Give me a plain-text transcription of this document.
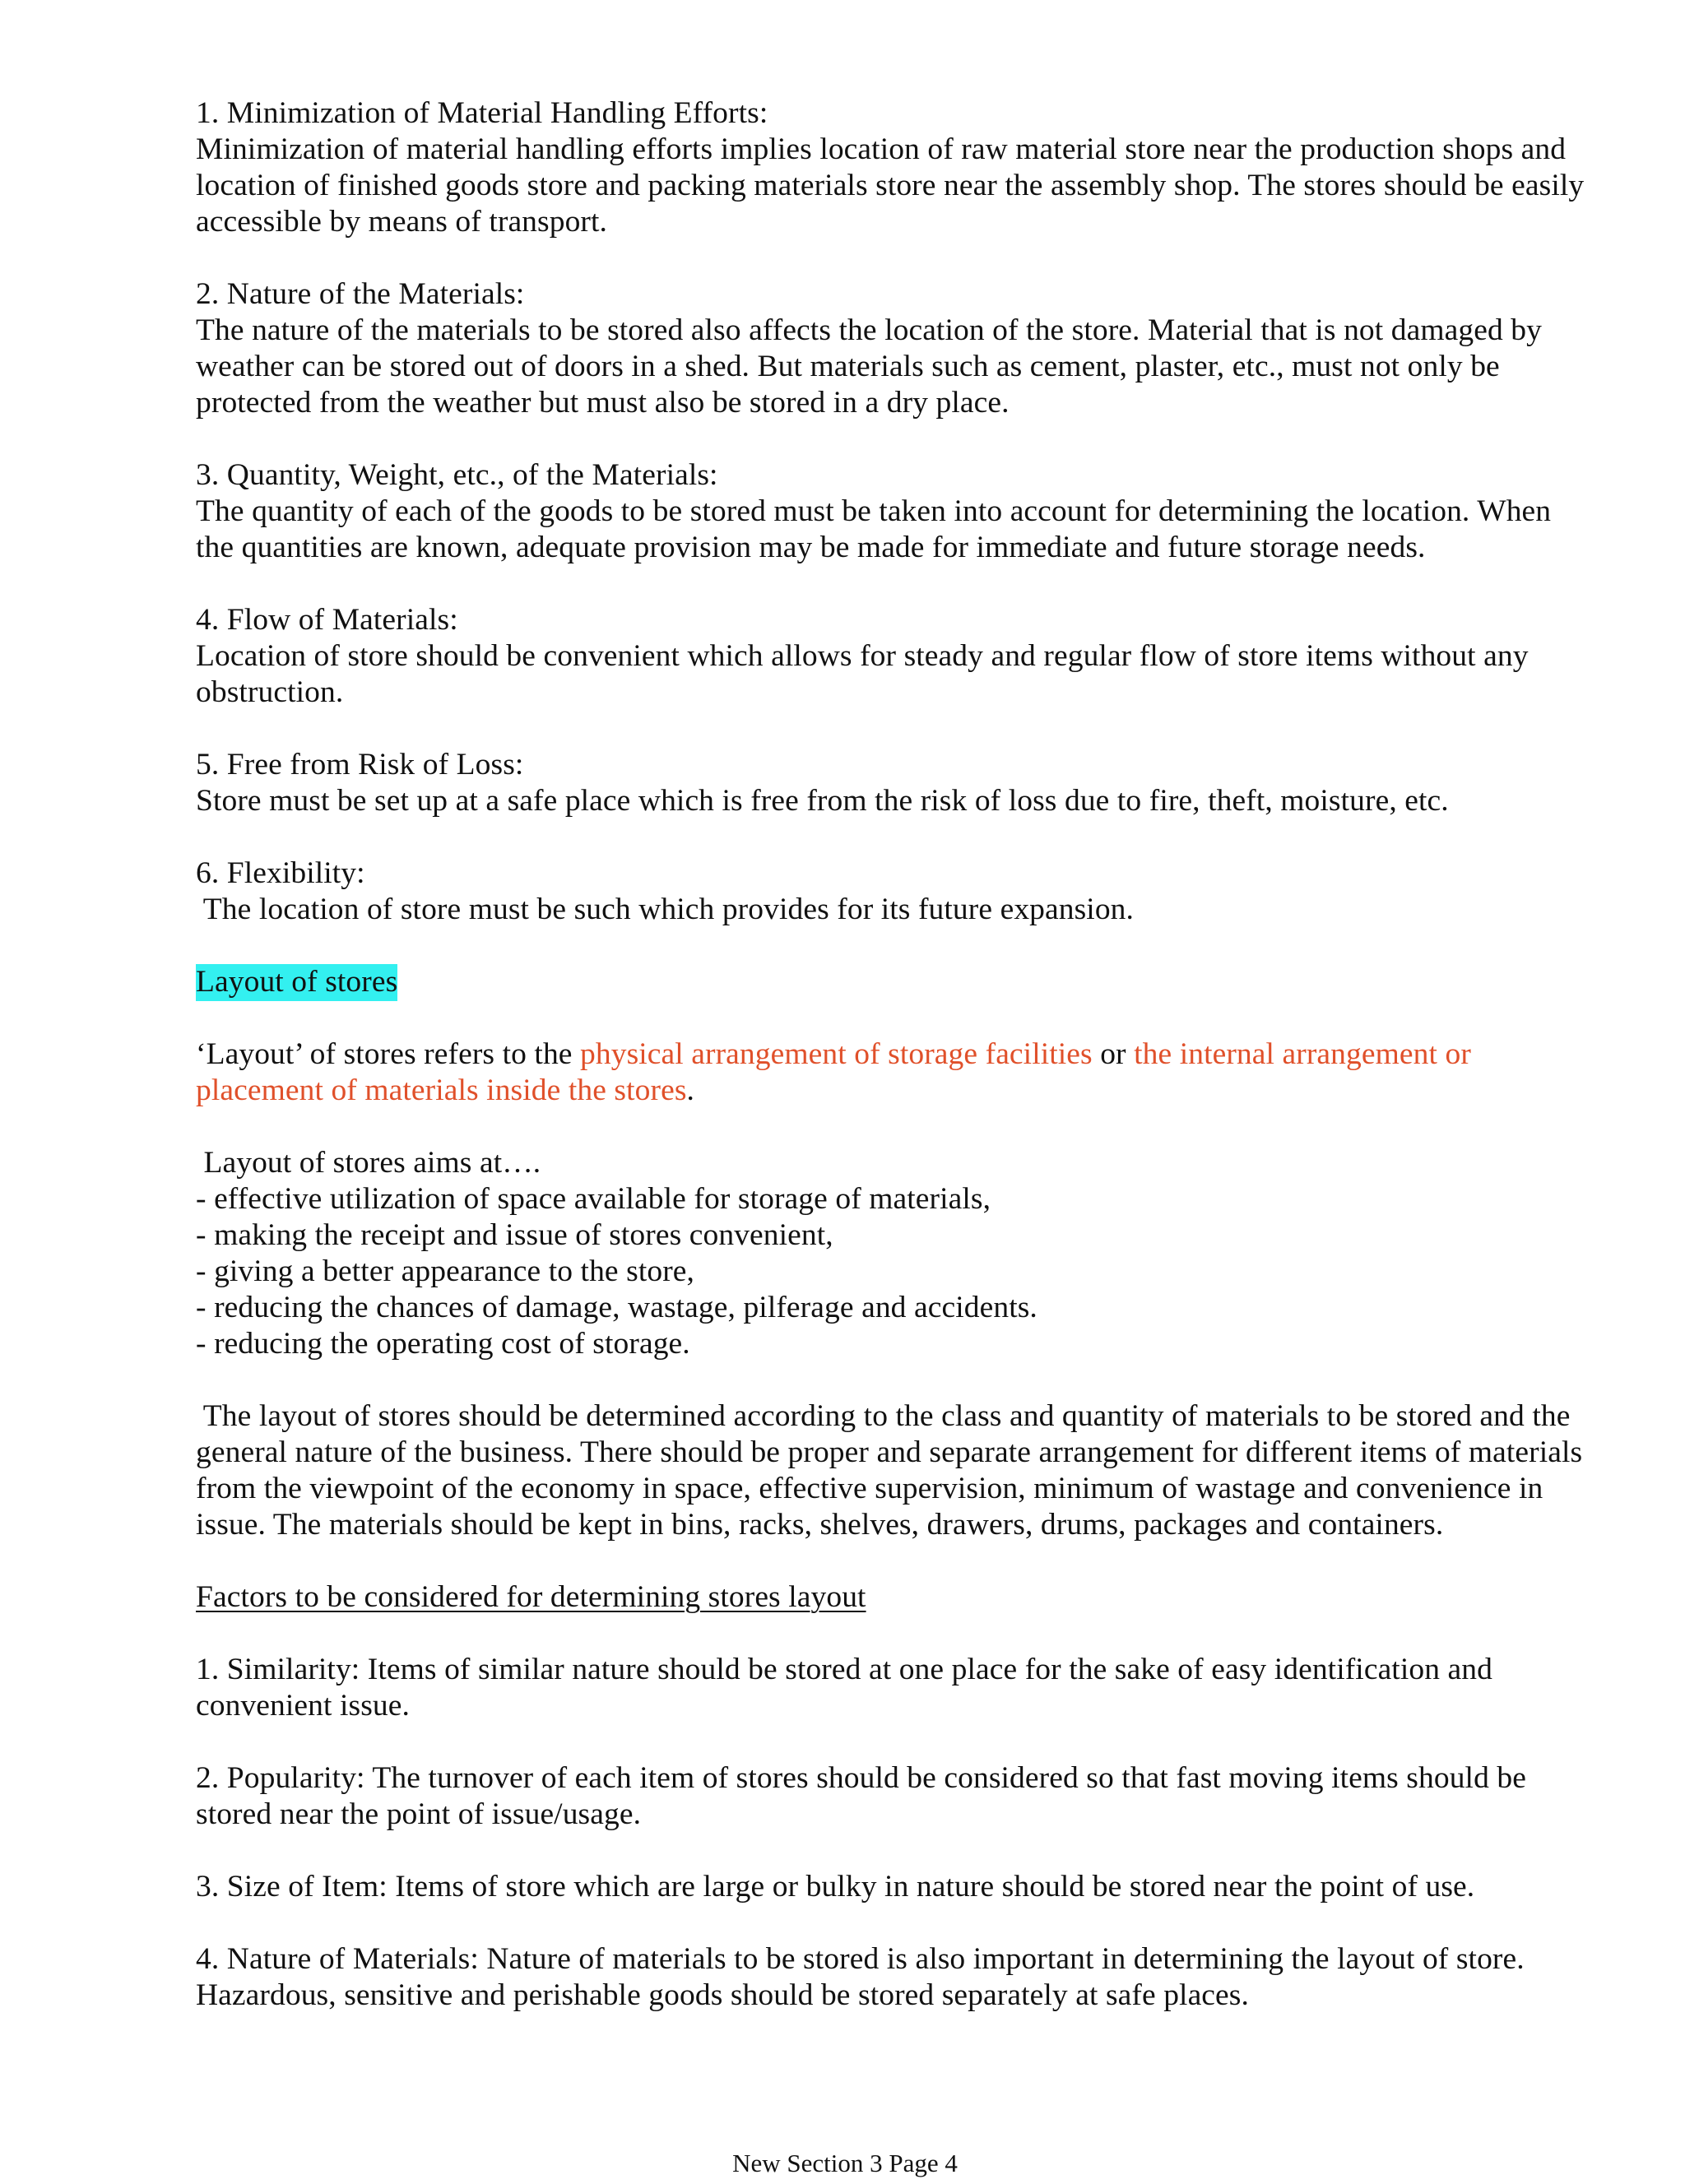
1. Minimization of Material Handling Efforts:
Minimization of material handling efforts implies location of raw material store near the production shops and
location of finished goods store and packing materials store near the assembly shop. The stores should be easily
accessible by means of transport.
2. Nature of the Materials:
The nature of the materials to be stored also affects the location of the store. Material that is not damaged by
weather can be stored out of doors in a shed. But materials such as cement, plaster, etc., must not only be
protected from the weather but must also be stored in a dry place.
3. Quantity, Weight, etc., of the Materials:
The quantity of each of the goods to be stored must be taken into account for determining the location. When
the quantities are known, adequate provision may be made for immediate and future storage needs.
4. Flow of Materials:
Location of store should be convenient which allows for steady and regular flow of store items without any
obstruction.
5. Free from Risk of Loss:
Store must be set up at a safe place which is free from the risk of loss due to fire, theft, moisture, etc.
6. Flexibility:
The location of store must be such which provides for its future expansion.
Layout of stores
‘Layout’ of stores refers to the physical arrangement of storage facilities or the internal arrangement or
placement of materials inside the stores.
Layout of stores aims at….
- effective utilization of space available for storage of materials,
- making the receipt and issue of stores convenient,
- giving a better appearance to the store,
- reducing the chances of damage, wastage, pilferage and accidents.
- reducing the operating cost of storage.
The layout of stores should be determined according to the class and quantity of materials to be stored and the
general nature of the business. There should be proper and separate arrangement for different items of materials
from the viewpoint of the economy in space, effective supervision, minimum of wastage and convenience in
issue. The materials should be kept in bins, racks, shelves, drawers, drums, packages and containers.
Factors to be considered for determining stores layout
1. Similarity: Items of similar nature should be stored at one place for the sake of easy identification and
convenient issue.
2. Popularity: The turnover of each item of stores should be considered so that fast moving items should be
stored near the point of issue/usage.
3. Size of Item: Items of store which are large or bulky in nature should be stored near the point of use.
4. Nature of Materials: Nature of materials to be stored is also important in determining the layout of store.
Hazardous, sensitive and perishable goods should be stored separately at safe places.
New Section 3 Page 4
